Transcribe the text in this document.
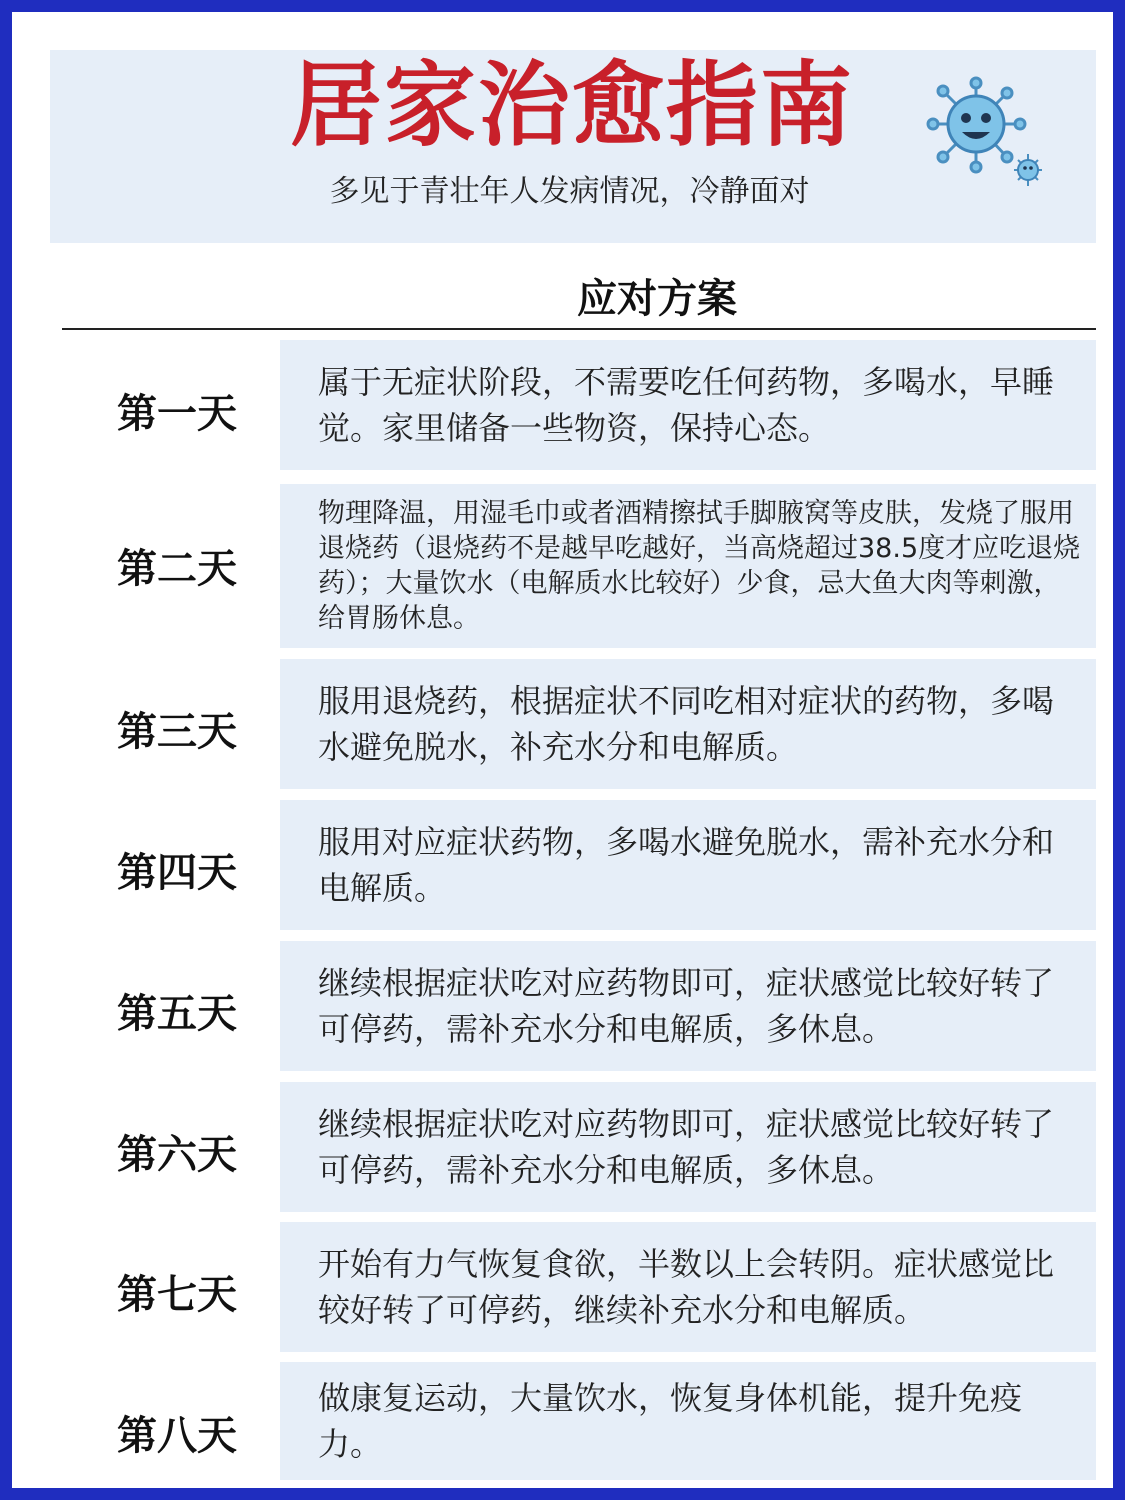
居家治愈指南
多见于青壮年人发病情况，冷静面对
应对方案
第一天
属于无症状阶段，不需要吃任何药物，多喝水，早睡觉。家里储备一些物资，保持心态。
第二天
物理降温，用湿毛巾或者酒精擦拭手脚腋窝等皮肤，发烧了服用退烧药（退烧药不是越早吃越好，当高烧超过38.5度才应吃退烧药）；大量饮水（电解质水比较好）少食，忌大鱼大肉等刺激，给胃肠休息。
第三天
服用退烧药，根据症状不同吃相对症状的药物，多喝水避免脱水，补充水分和电解质。
第四天
服用对应症状药物，多喝水避免脱水，需补充水分和电解质。
第五天
继续根据症状吃对应药物即可，症状感觉比较好转了可停药，需补充水分和电解质，多休息。
第六天
继续根据症状吃对应药物即可，症状感觉比较好转了可停药，需补充水分和电解质，多休息。
第七天
开始有力气恢复食欲，半数以上会转阴。症状感觉比较好转了可停药，继续补充水分和电解质。
第八天
做康复运动，大量饮水，恢复身体机能，提升免疫力。
